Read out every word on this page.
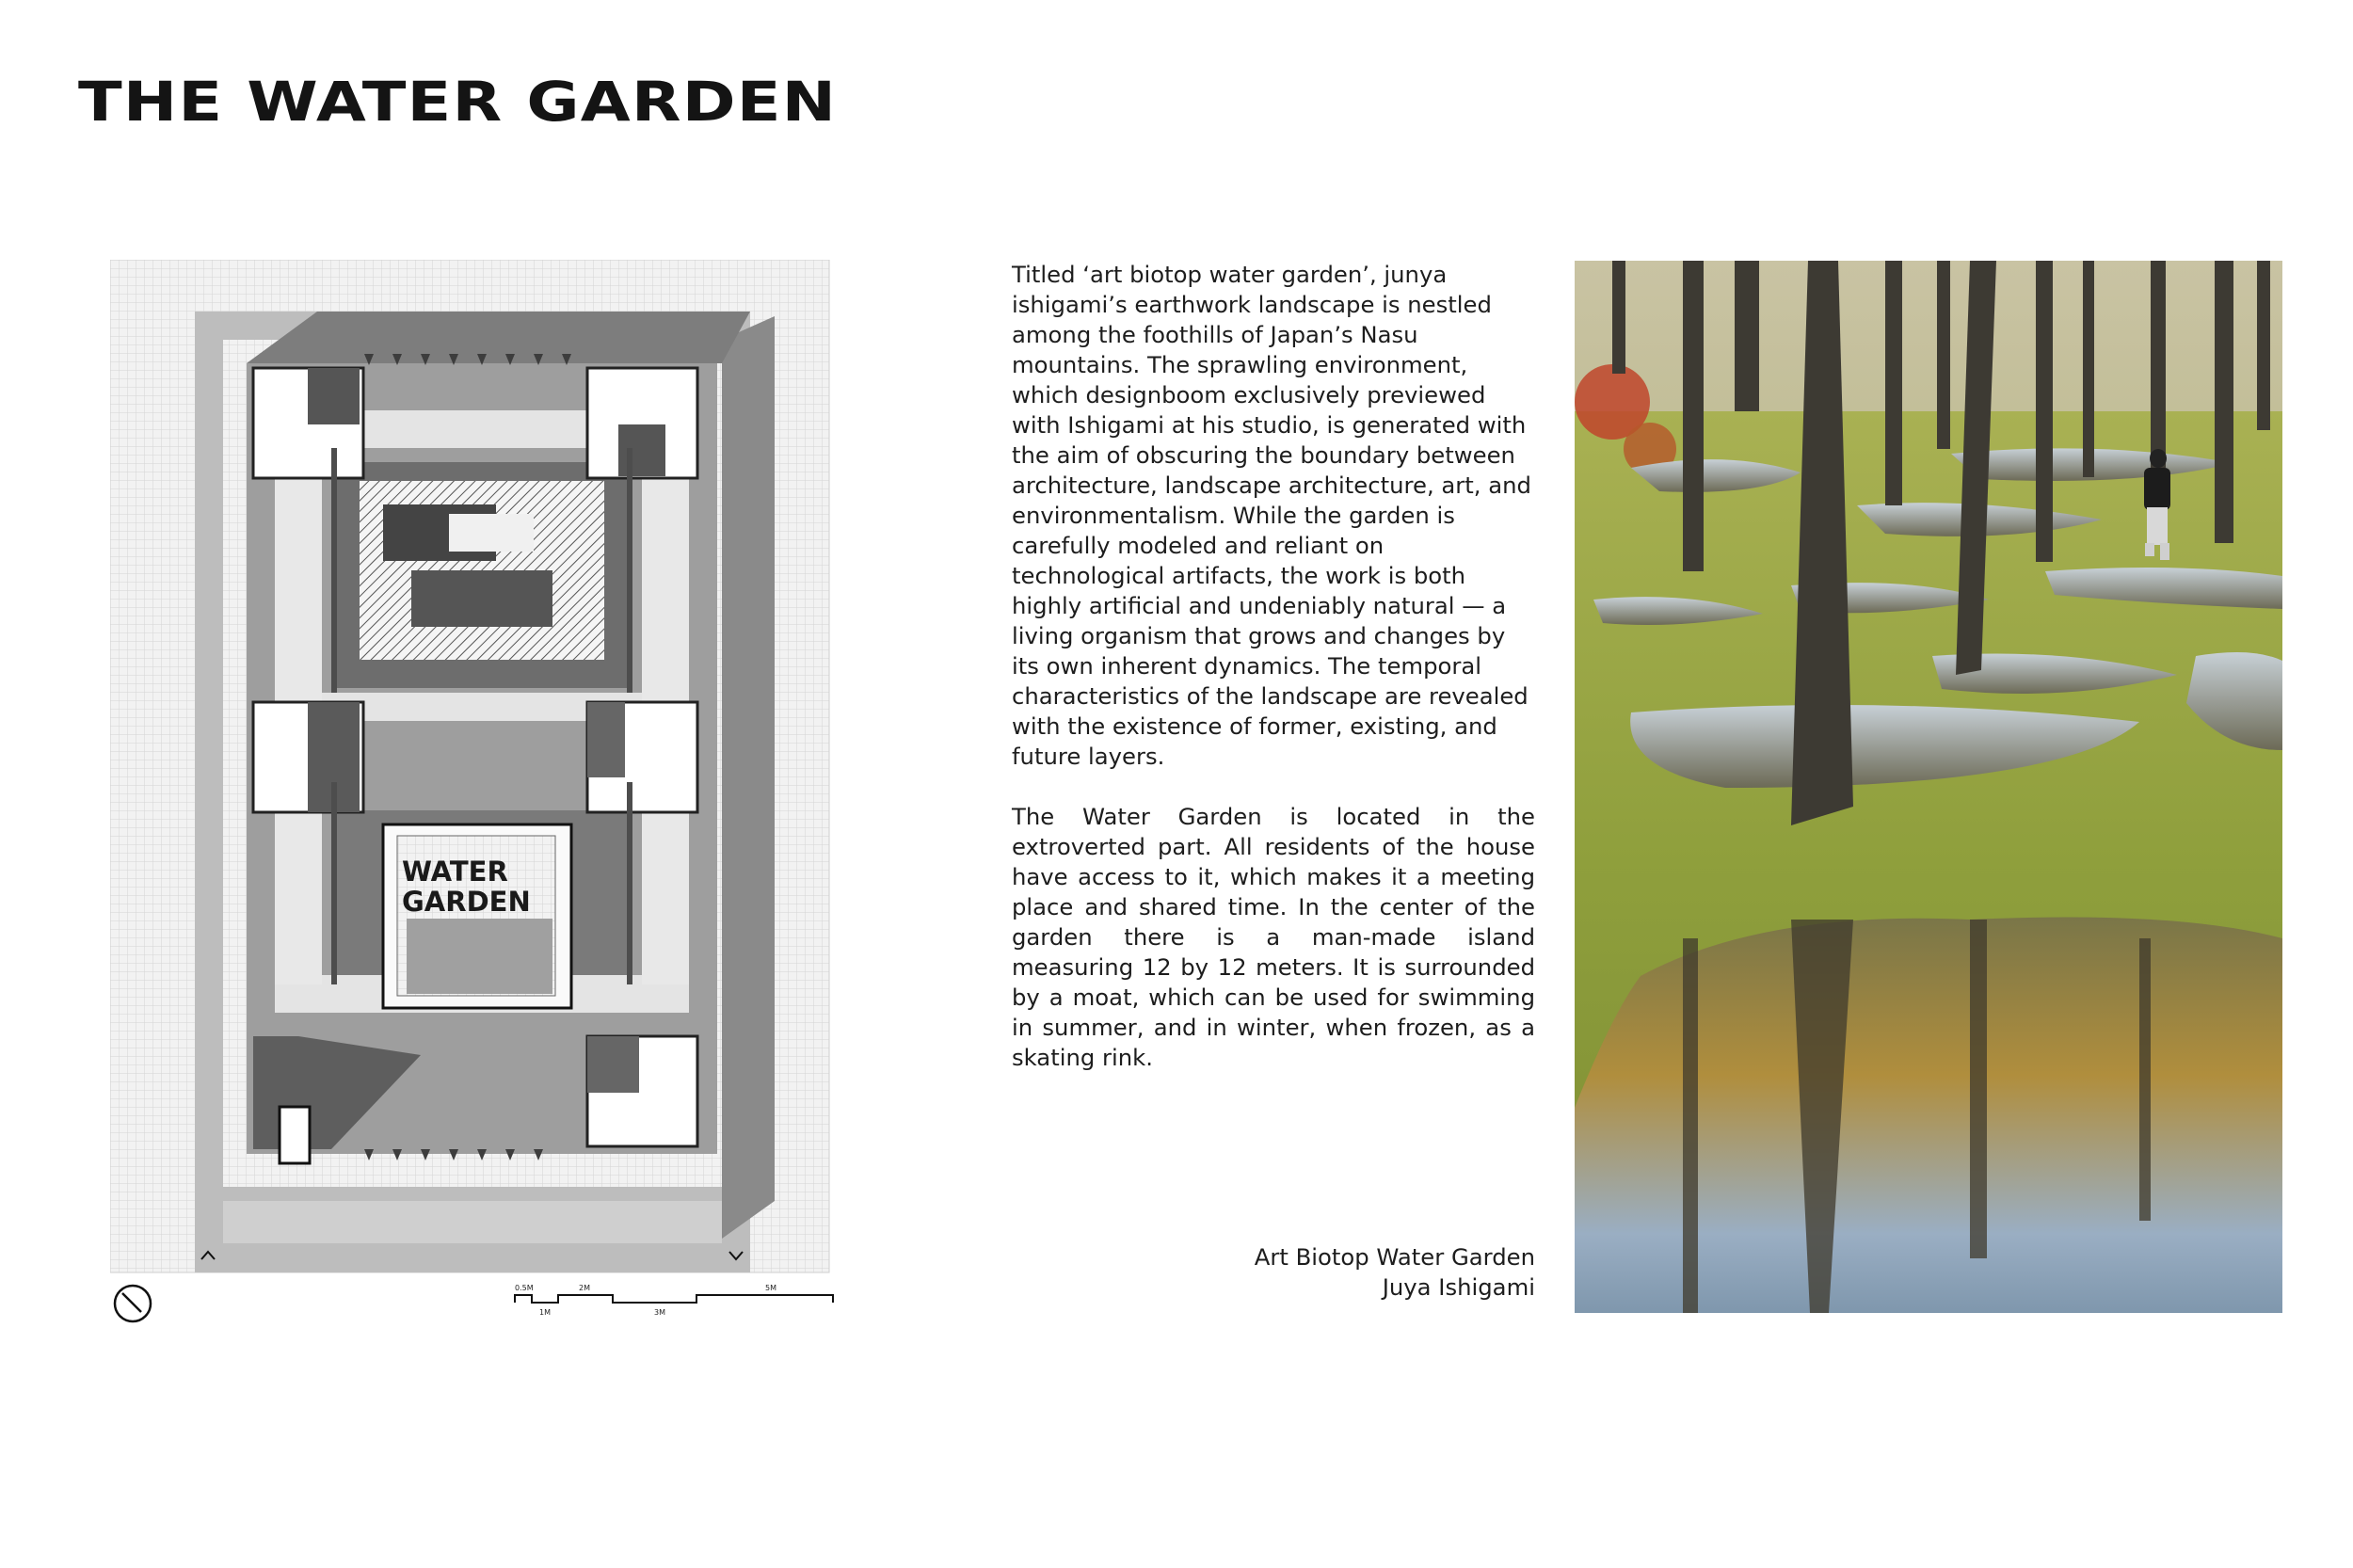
THE WATER GARDEN
WATER
GARDEN
0.5M
1M
2M
3M
5M

Titled ‘art biotop water garden’, junya ishigami’s earthwork landscape is nestled among the foothills of Japan’s Nasu mountains. The sprawling environment, which designboom exclusively previewed with Ishigami at his studio, is generated with the aim of obscuring the boundary between architecture, landscape architecture, art, and environmentalism. While the garden is carefully modeled and reliant on technological artifacts, the work is both highly artificial and undeniably natural — a living organism that grows and changes by its own inherent dynamics. The temporal characteristics of the landscape are revealed with the existence of former, existing, and future layers.

The Water Garden is located in the extroverted part. All residents of the house have access to it, which makes it a meeting place and shared time. In the center of the garden there is a man-made island measuring 12 by 12 meters. It is surrounded by a moat, which can be used for swimming in summer, and in winter, when frozen, as a skating rink.

Art Biotop Water Garden
Juya Ishigami
